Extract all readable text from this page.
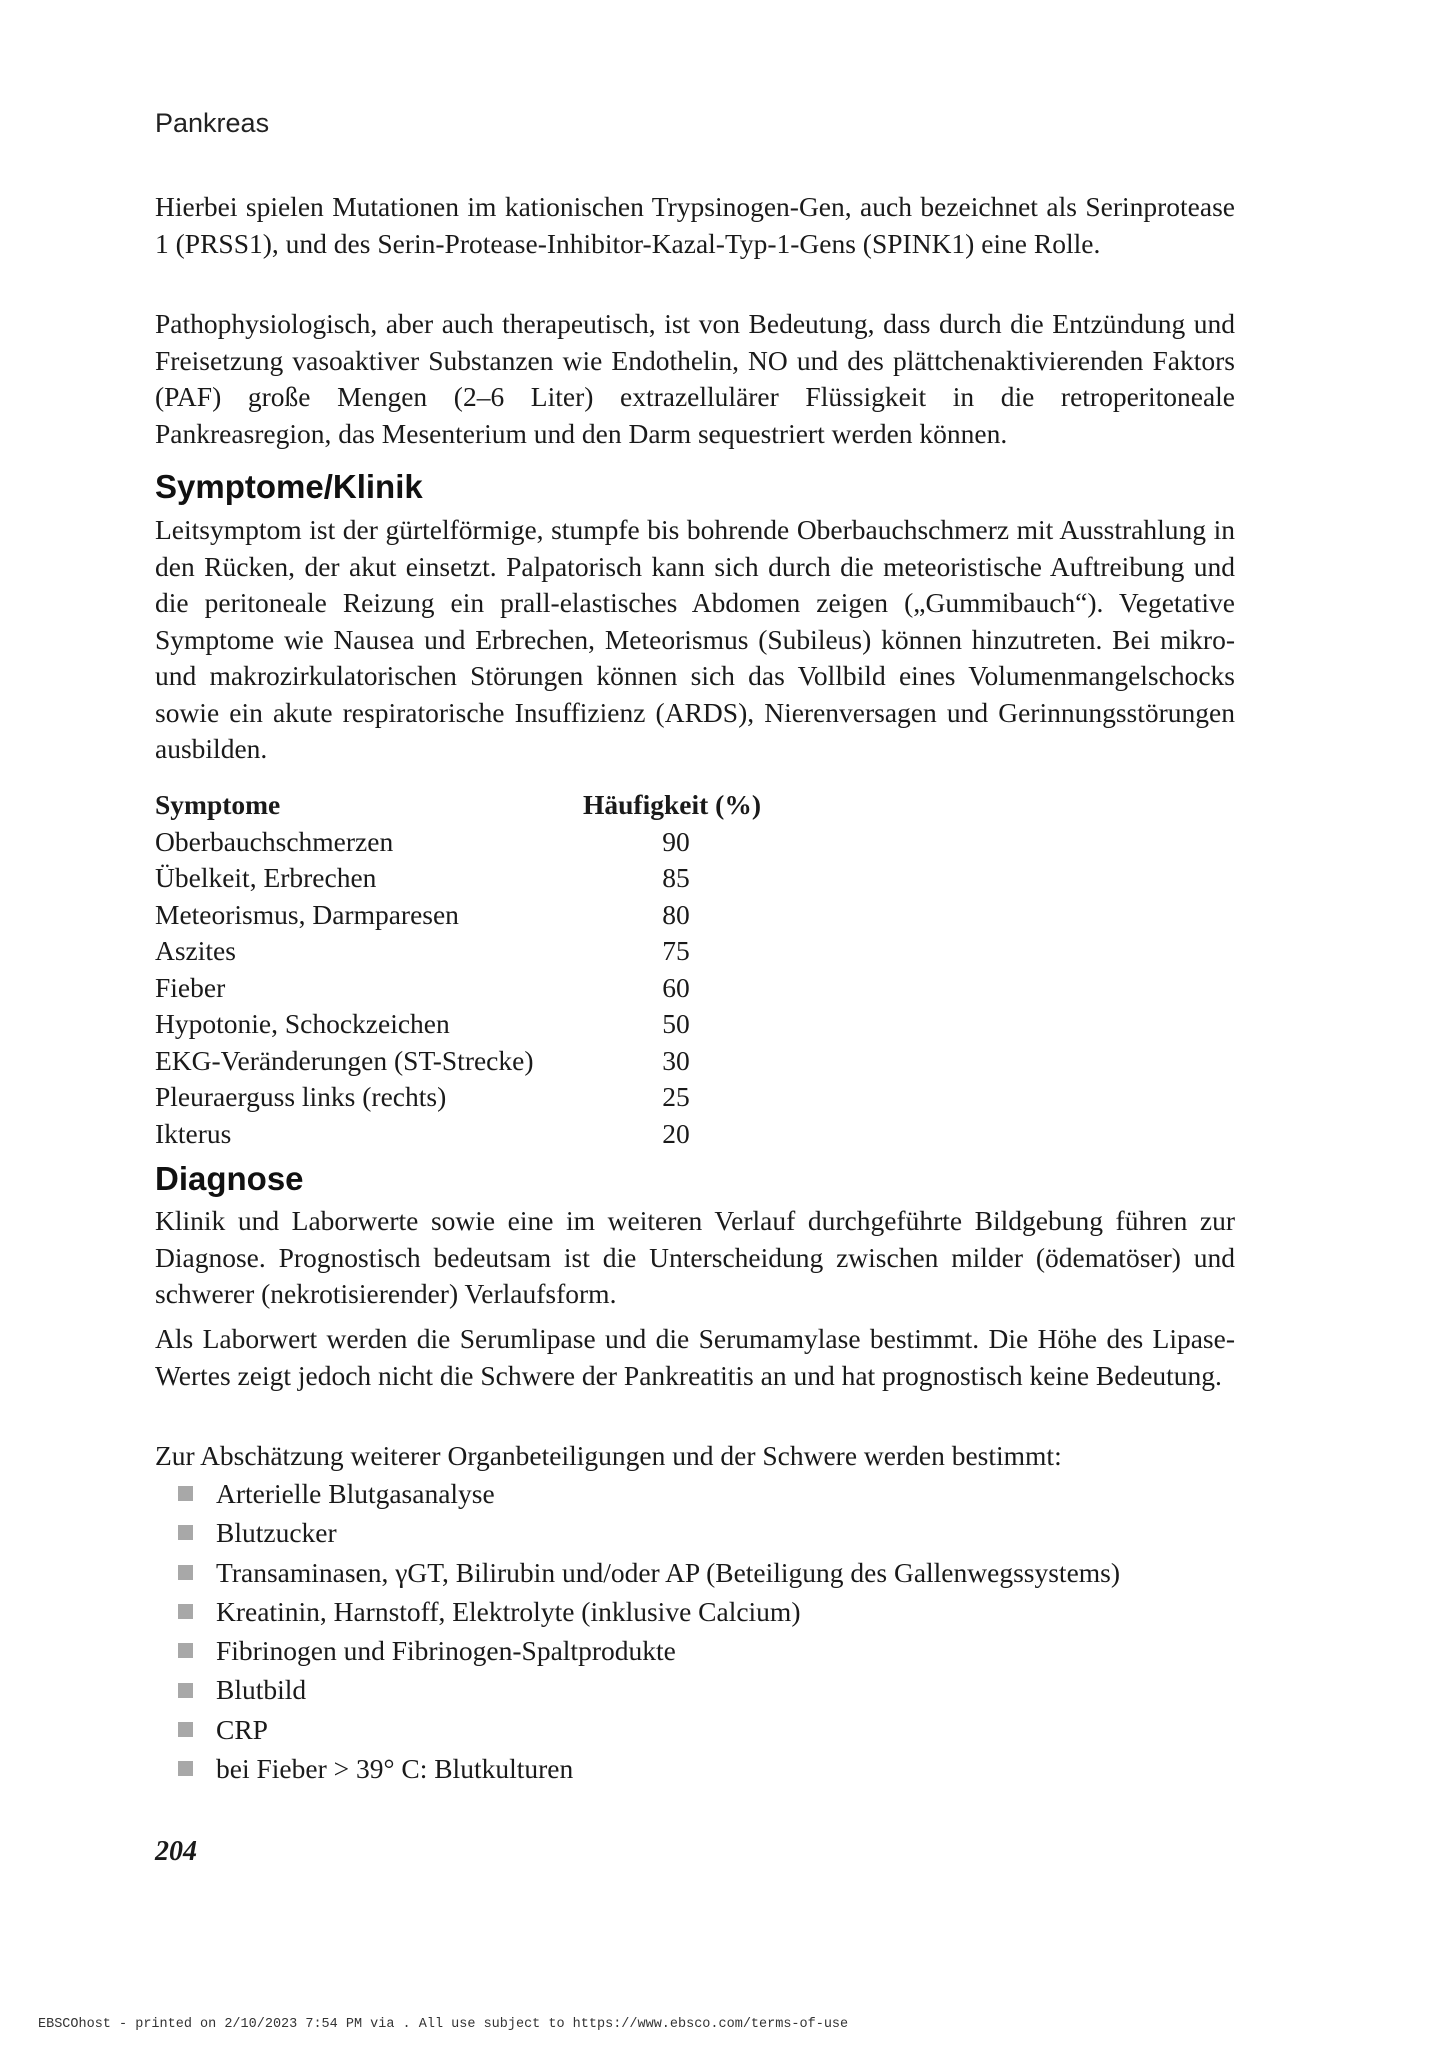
Pankreas

Hierbei spielen Mutationen im kationischen Trypsinogen-Gen, auch bezeichnet als Serinprotease 1 (PRSS1), und des Serin-Protease-Inhibitor-Kazal-Typ-1-Gens (SPINK1) eine Rolle.

Pathophysiologisch, aber auch therapeutisch, ist von Bedeutung, dass durch die Entzündung und Freisetzung vasoaktiver Substanzen wie Endothelin, NO und des plättchenaktivierenden Faktors (PAF) große Mengen (2–6 Liter) extrazellulärer Flüssigkeit in die retroperitoneale Pankreasregion, das Mesenterium und den Darm sequestriert werden können.

Symptome/Klinik

Leitsymptom ist der gürtelförmige, stumpfe bis bohrende Oberbauchschmerz mit Ausstrahlung in den Rücken, der akut einsetzt. Palpatorisch kann sich durch die meteoristische Auftreibung und die peritoneale Reizung ein prall-elastisches Abdomen zeigen („Gummibauch“). Vegetative Symptome wie Nausea und Erbrechen, Meteorismus (Subileus) können hinzutreten. Bei mikro- und makrozirkulatorischen Störungen können sich das Vollbild eines Volumenmangelschocks sowie ein akute respiratorische Insuffizienz (ARDS), Nierenversagen und Gerinnungsstörungen ausbilden.

Symptome	Häufigkeit (%)
Oberbauchschmerzen	90
Übelkeit, Erbrechen	85
Meteorismus, Darmparesen	80
Aszites	75
Fieber	60
Hypotonie, Schockzeichen	50
EKG-Veränderungen (ST-Strecke)	30
Pleuraerguss links (rechts)	25
Ikterus	20
Diagnose

Klinik und Laborwerte sowie eine im weiteren Verlauf durchgeführte Bildgebung führen zur Diagnose. Prognostisch bedeutsam ist die Unterscheidung zwischen milder (ödematöser) und schwerer (nekrotisierender) Verlaufsform.

Als Laborwert werden die Serumlipase und die Serumamylase bestimmt. Die Höhe des Lipase-Wertes zeigt jedoch nicht die Schwere der Pankreatitis an und hat prognostisch keine Bedeutung.

Zur Abschätzung weiterer Organbeteiligungen und der Schwere werden bestimmt:

Arterielle Blutgasanalyse
Blutzucker
Transaminasen, γGT, Bilirubin und/oder AP (Beteiligung des Gallenwegssystems)
Kreatinin, Harnstoff, Elektrolyte (inklusive Calcium)
Fibrinogen und Fibrinogen-Spaltprodukte
Blutbild
CRP
bei Fieber > 39° C: Blutkulturen
204
EBSCOhost - printed on 2/10/2023 7:54 PM via . All use subject to https://www.ebsco.com/terms-of-use
